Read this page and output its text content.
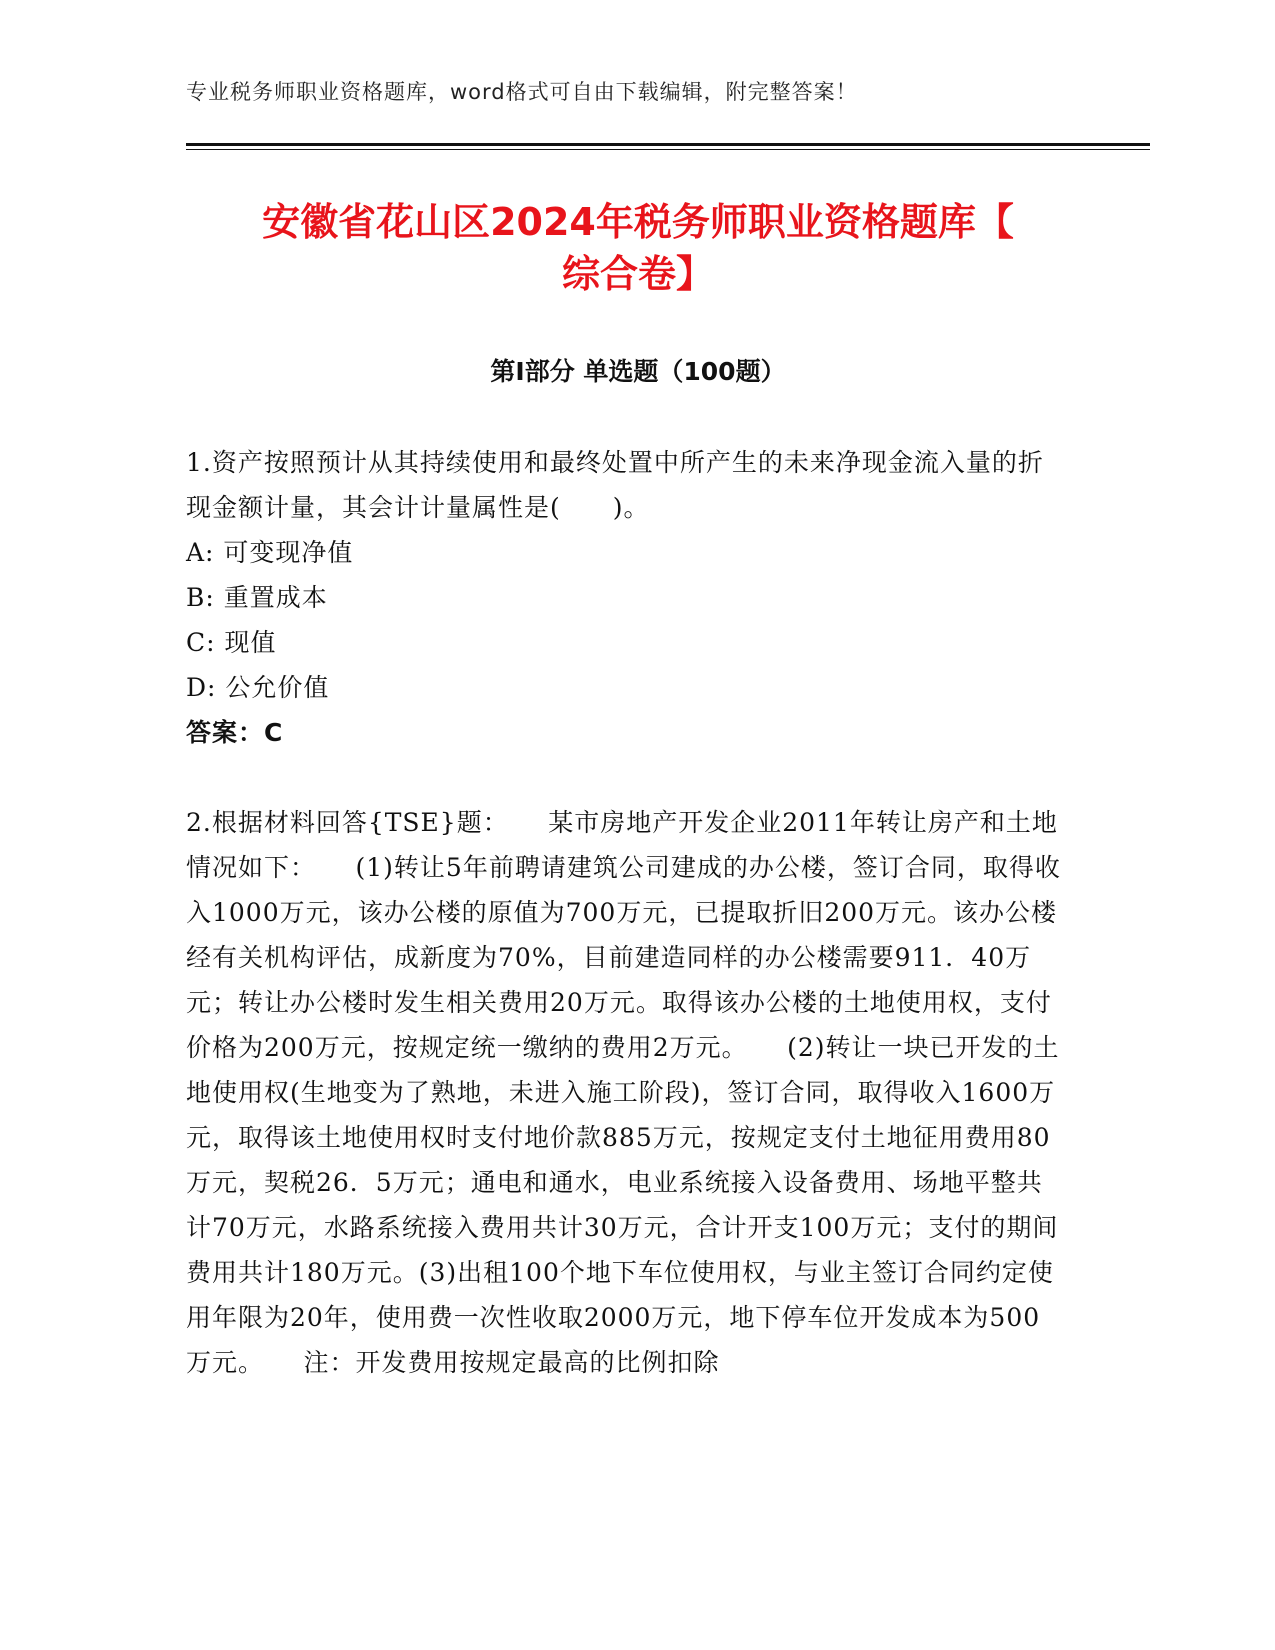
专业税务师职业资格题库，word格式可自由下载编辑，附完整答案！
安徽省花山区2024年税务师职业资格题库【
综合卷】
第I部分 单选题（100题）

1.资产按照预计从其持续使用和最终处置中所产生的未来净现金流入量的折现金额计量，其会计计量属性是(　　)。

A: 可变现净值

B: 重置成本

C: 现值

D: 公允价值

答案：C

2.根据材料回答{TSE}题：　　某市房地产开发企业2011年转让房产和土地情况如下：　　(1)转让5年前聘请建筑公司建成的办公楼，签订合同，取得收入1000万元，该办公楼的原值为700万元，已提取折旧200万元。该办公楼经有关机构评估，成新度为70%，目前建造同样的办公楼需要911．40万元；转让办公楼时发生相关费用20万元。取得该办公楼的土地使用权，支付价格为200万元，按规定统一缴纳的费用2万元。　　(2)转让一块已开发的土地使用权(生地变为了熟地，未进入施工阶段)，签订合同，取得收入1600万元，取得该土地使用权时支付地价款885万元，按规定支付土地征用费用80万元，契税26．5万元；通电和通水，电业系统接入设备费用、场地平整共计70万元，水路系统接入费用共计30万元，合计开支100万元；支付的期间费用共计180万元。(3)出租100个地下车位使用权，与业主签订合同约定使用年限为20年，使用费一次性收取2000万元，地下停车位开发成本为500万元。　　注：开发费用按规定最高的比例扣除
